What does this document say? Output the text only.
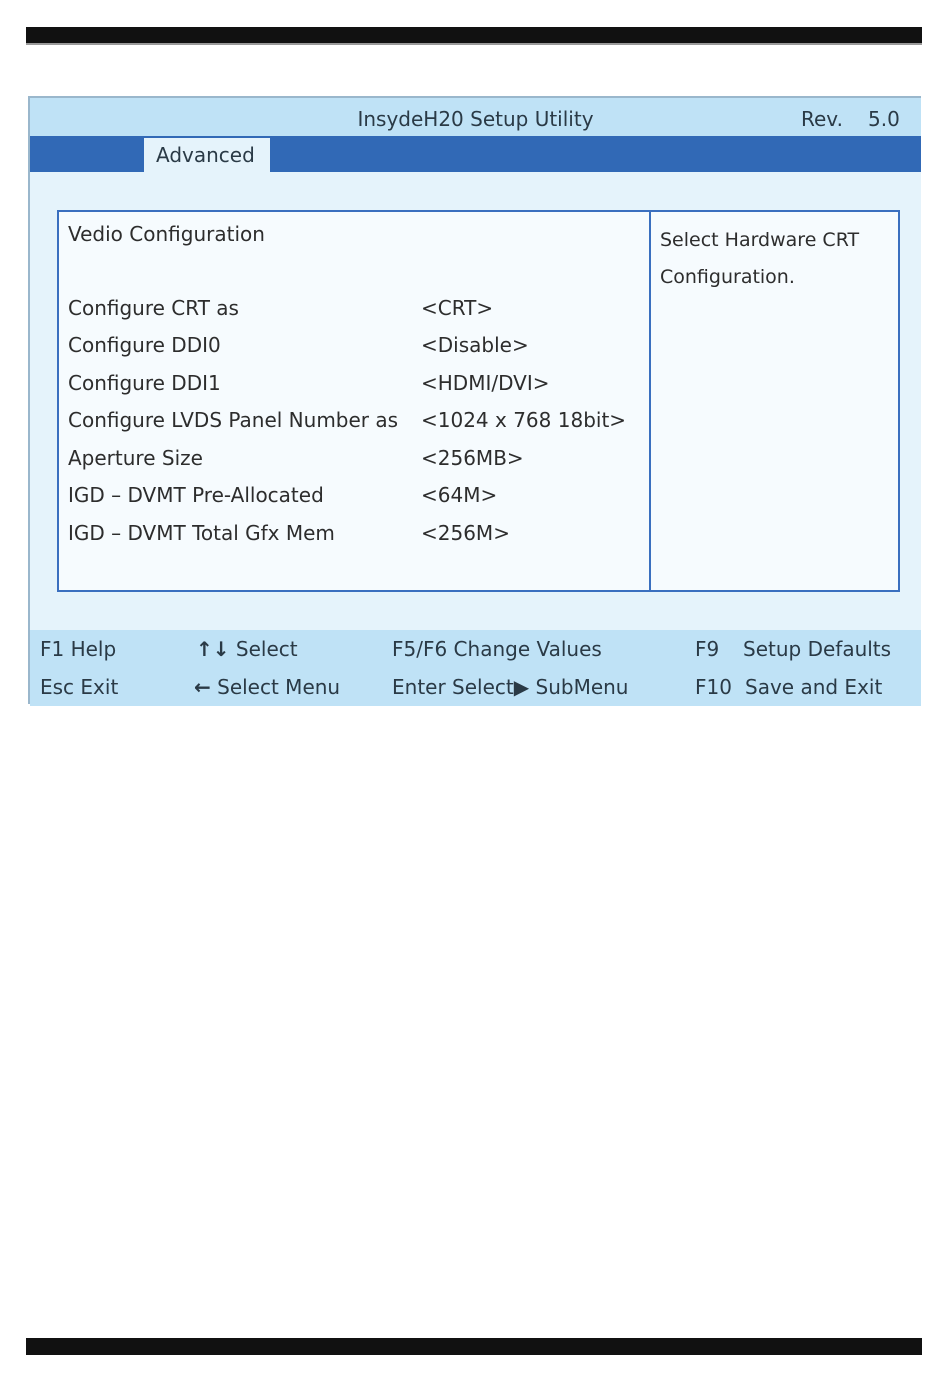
InsydeH20 Setup Utility	Rev. 5.0
Advanced
Vedio Configuration
Configure CRT as	<CRT>
Configure DDI0	<Disable>
Configure DDI1	<HDMI/DVI>
Configure LVDS Panel Number as <1024 x 768 18bit>
Aperture Size	<256MB>
IGD – DVMT Pre-Allocated	<64M>
IGD – DVMT Total Gfx Mem	<256M>
Select Hardware CRT Configuration.
F1 Help	↑↓ Select	F5/F6 Change Values	F9 Setup Defaults
Esc Exit	← Select Menu	Enter Select▶ SubMenu	F10 Save and Exit
